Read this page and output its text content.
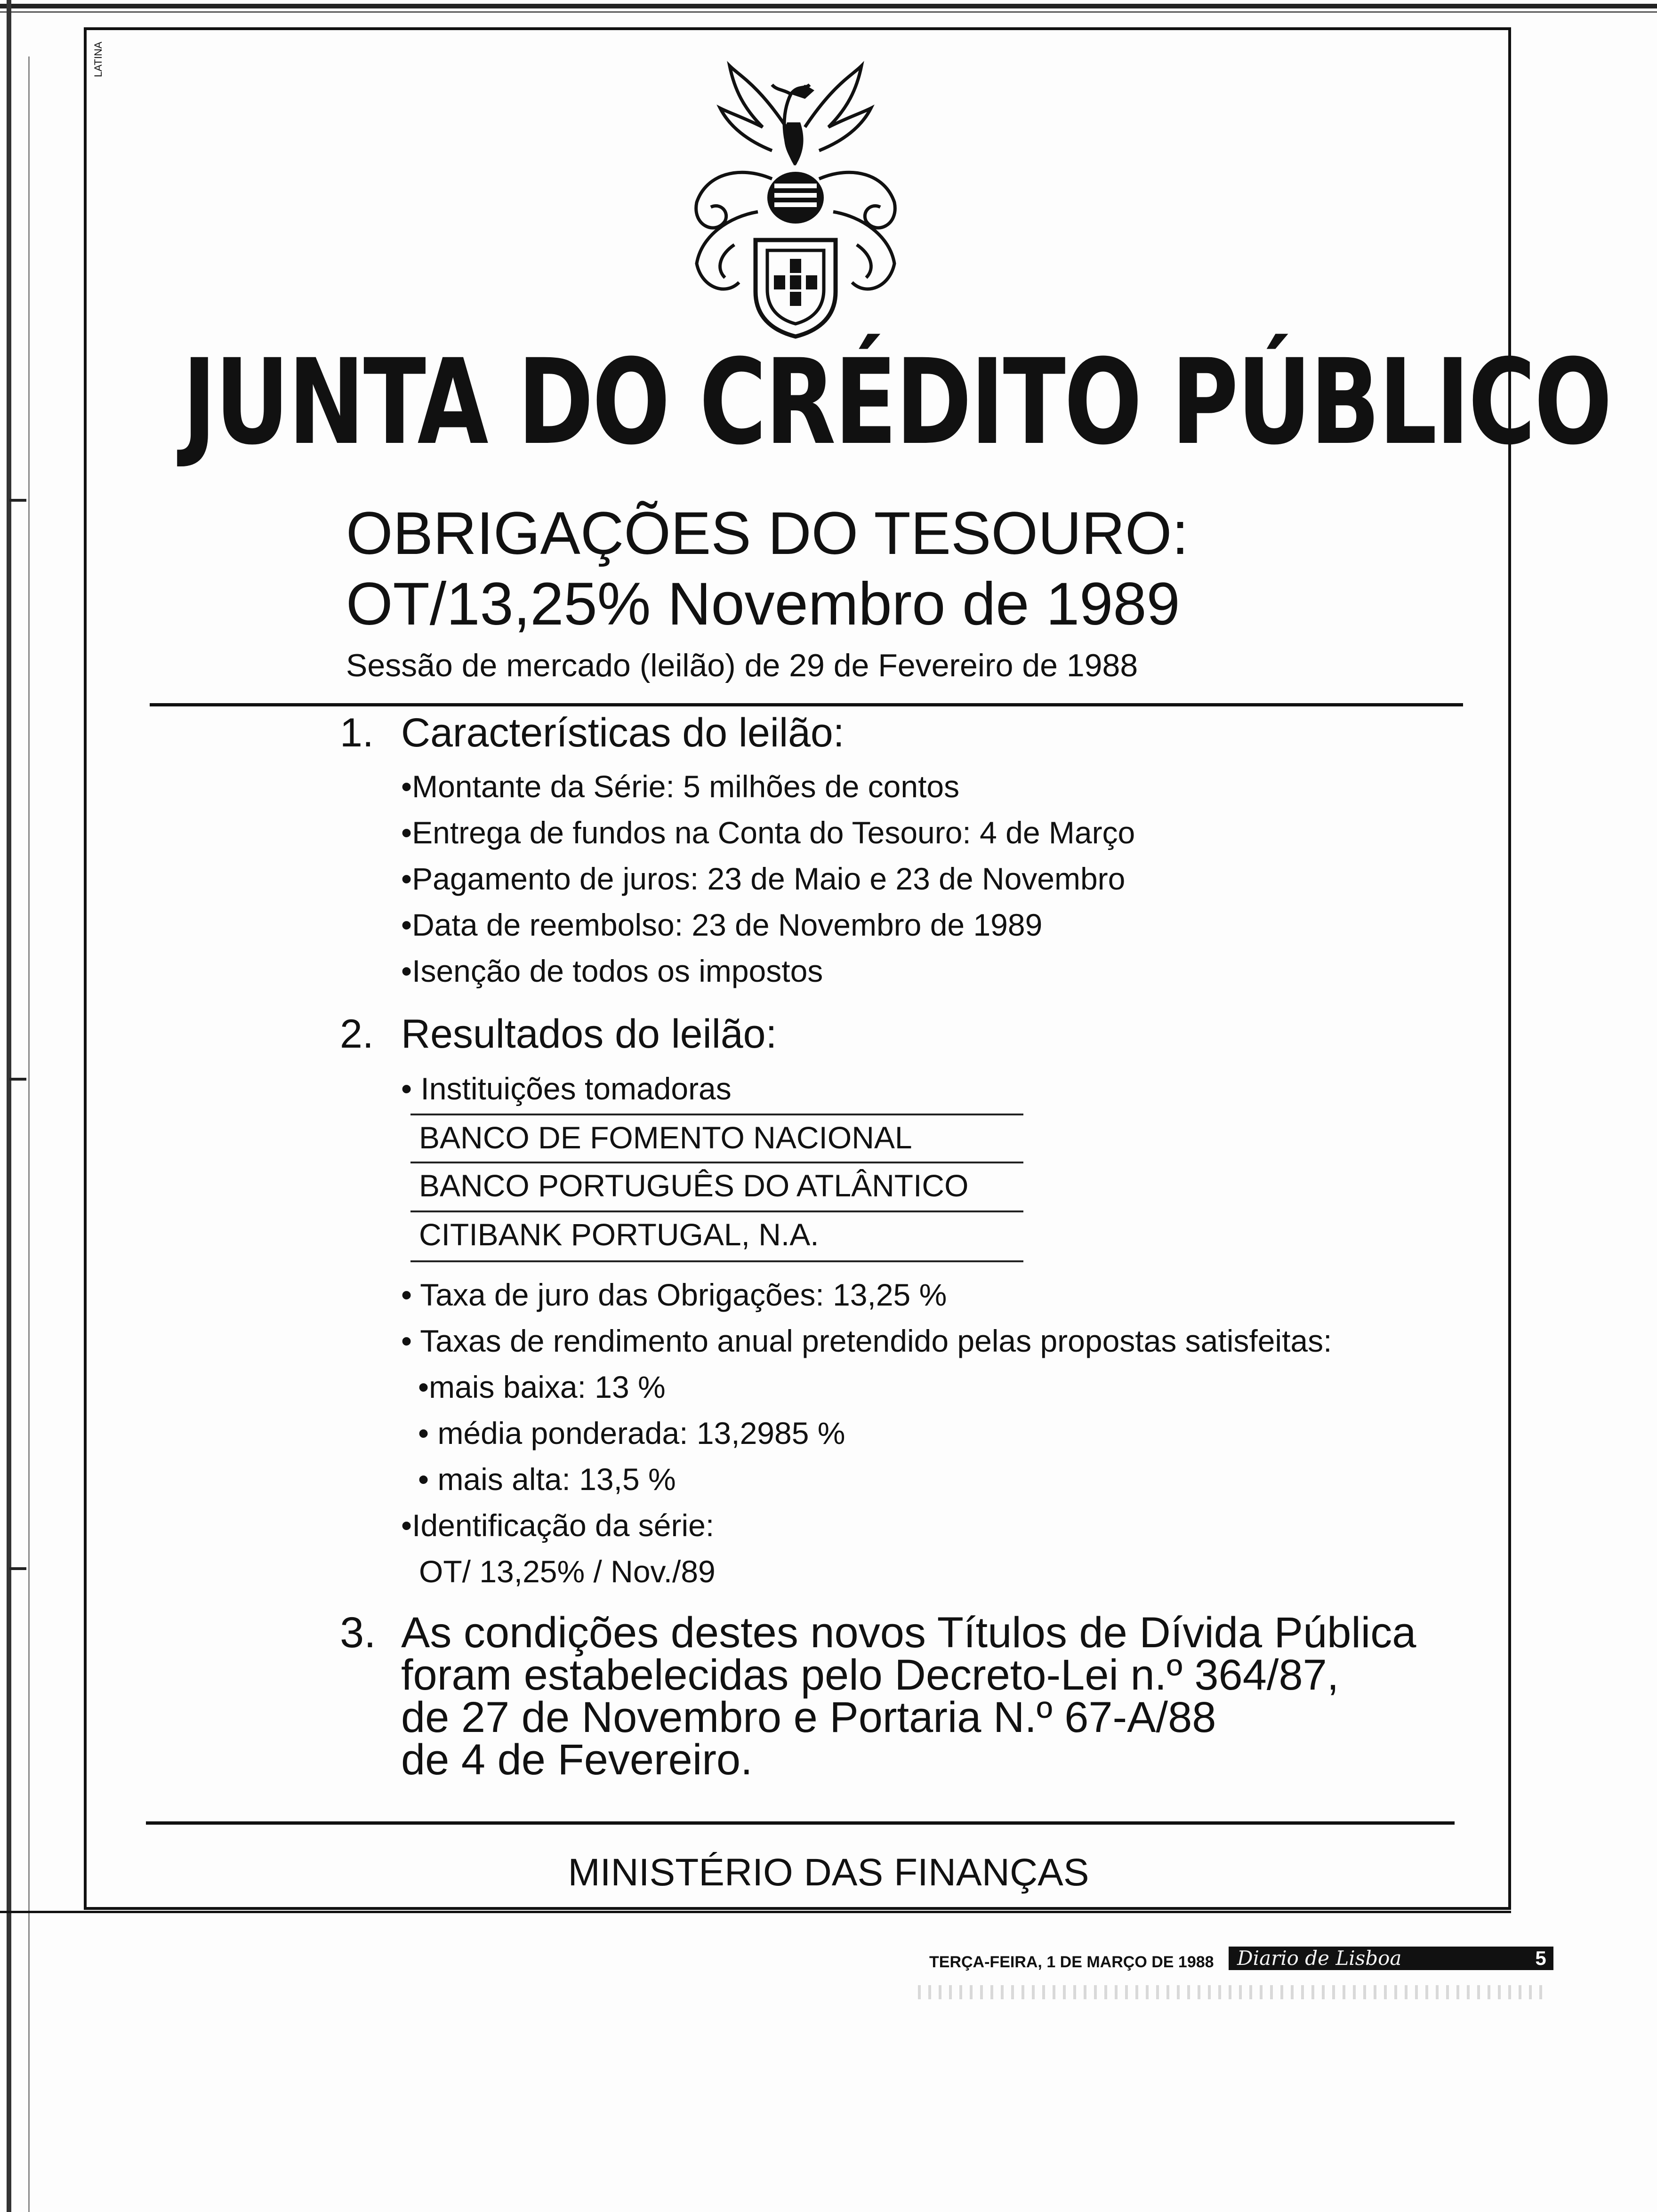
LATINA
JUNTA DO CRÉDITO PÚBLICO
OBRIGAÇÕES DO TESOURO:
OT/13,25% Novembro de 1989
Sessão de mercado (leilão) de 29 de Fevereiro de 1988
1. Características do leilão:
•Montante da Série: 5 milhões de contos
•Entrega de fundos na Conta do Tesouro: 4 de Março
•Pagamento de juros: 23 de Maio e 23 de Novembro
•Data de reembolso: 23 de Novembro de 1989
•Isenção de todos os impostos
2. Resultados do leilão:
• Instituições tomadoras
BANCO DE FOMENTO NACIONAL
BANCO PORTUGUÊS DO ATLÂNTICO
CITIBANK PORTUGAL, N.A.
• Taxa de juro das Obrigações: 13,25 %
• Taxas de rendimento anual pretendido pelas propostas satisfeitas:
•mais baixa: 13 %
• média ponderada: 13,2985 %
• mais alta: 13,5 %
•Identificação da série:
OT/ 13,25% / Nov./89
3. As condições destes novos Títulos de Dívida Pública
foram estabelecidas pelo Decreto-Lei n.º 364/87,
de 27 de Novembro e Portaria N.º 67-A/88
de 4 de Fevereiro.
MINISTÉRIO DAS FINANÇAS
TERÇA-FEIRA, 1 DE MARÇO DE 1988	Diario de Lisboa	5
